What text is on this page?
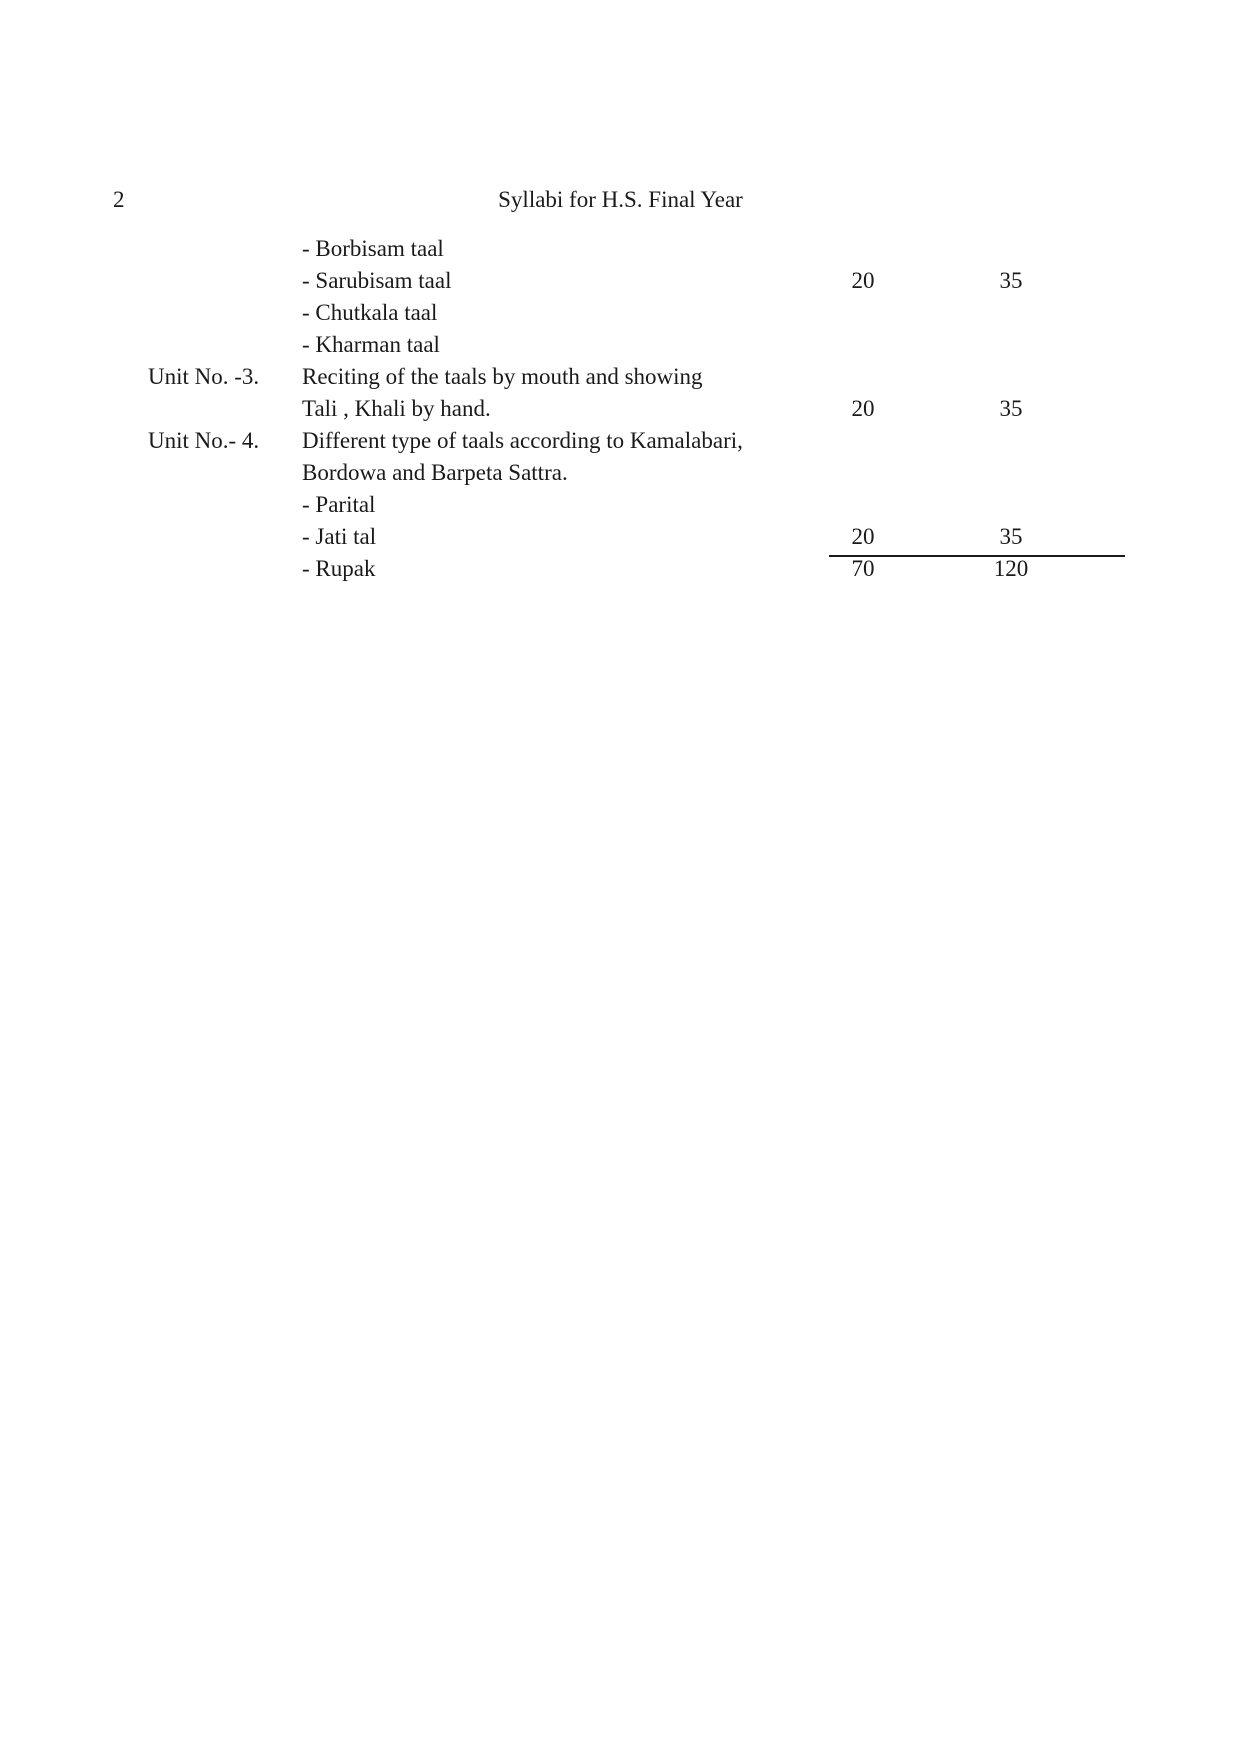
2	Syllabi for H.S. Final Year
- Borbisam taal
- Sarubisam taal	20	35
- Chutkala taal
- Kharman taal
Unit No. -3. Reciting of the taals by mouth and showing
Tali , Khali by hand.	20	35
Unit No.- 4. Different type of taals according to Kamalabari,
Bordowa and Barpeta Sattra.
- Parital
- Jati tal	20	35
- Rupak	70	120
